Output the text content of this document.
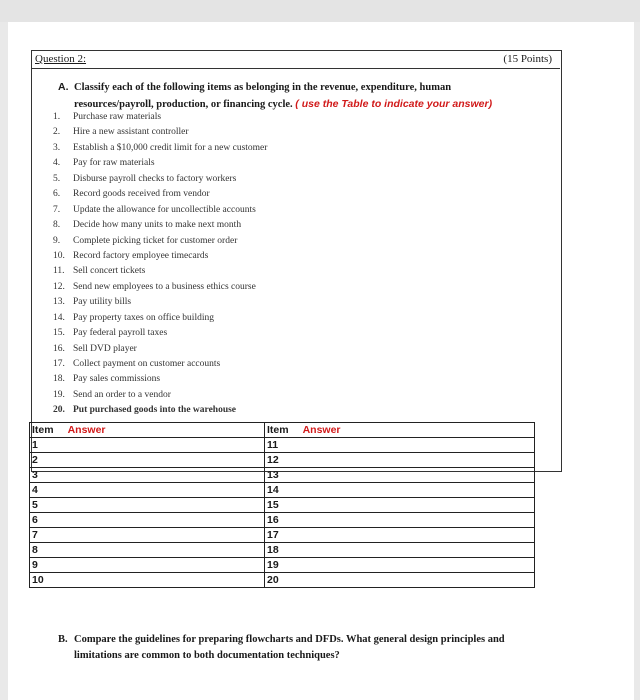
Question 2:	(15 Points)
A. Classify each of the following items as belonging in the revenue, expenditure, human
resources/payroll, production, or financing cycle. ( use the Table to indicate your answer)
1. Purchase raw materials
2. Hire a new assistant controller
3. Establish a $10,000 credit limit for a new customer
4. Pay for raw materials
5. Disburse payroll checks to factory workers
6. Record goods received from vendor
7. Update the allowance for uncollectible accounts
8. Decide how many units to make next month
9. Complete picking ticket for customer order
10. Record factory employee timecards
11. Sell concert tickets
12. Send new employees to a business ethics course
13. Pay utility bills
14. Pay property taxes on office building
15. Pay federal payroll taxes
16. Sell DVD player
17. Collect payment on customer accounts
18. Pay sales commissions
19. Send an order to a vendor
20. Put purchased goods into the warehouse
Item Answer	Item Answer
1	11
2	12
3	13
4	14
5	15
6	16
7	17
8	18
9	19
10	20
B. Compare the guidelines for preparing flowcharts and DFDs. What general design principles and
limitations are common to both documentation techniques?
